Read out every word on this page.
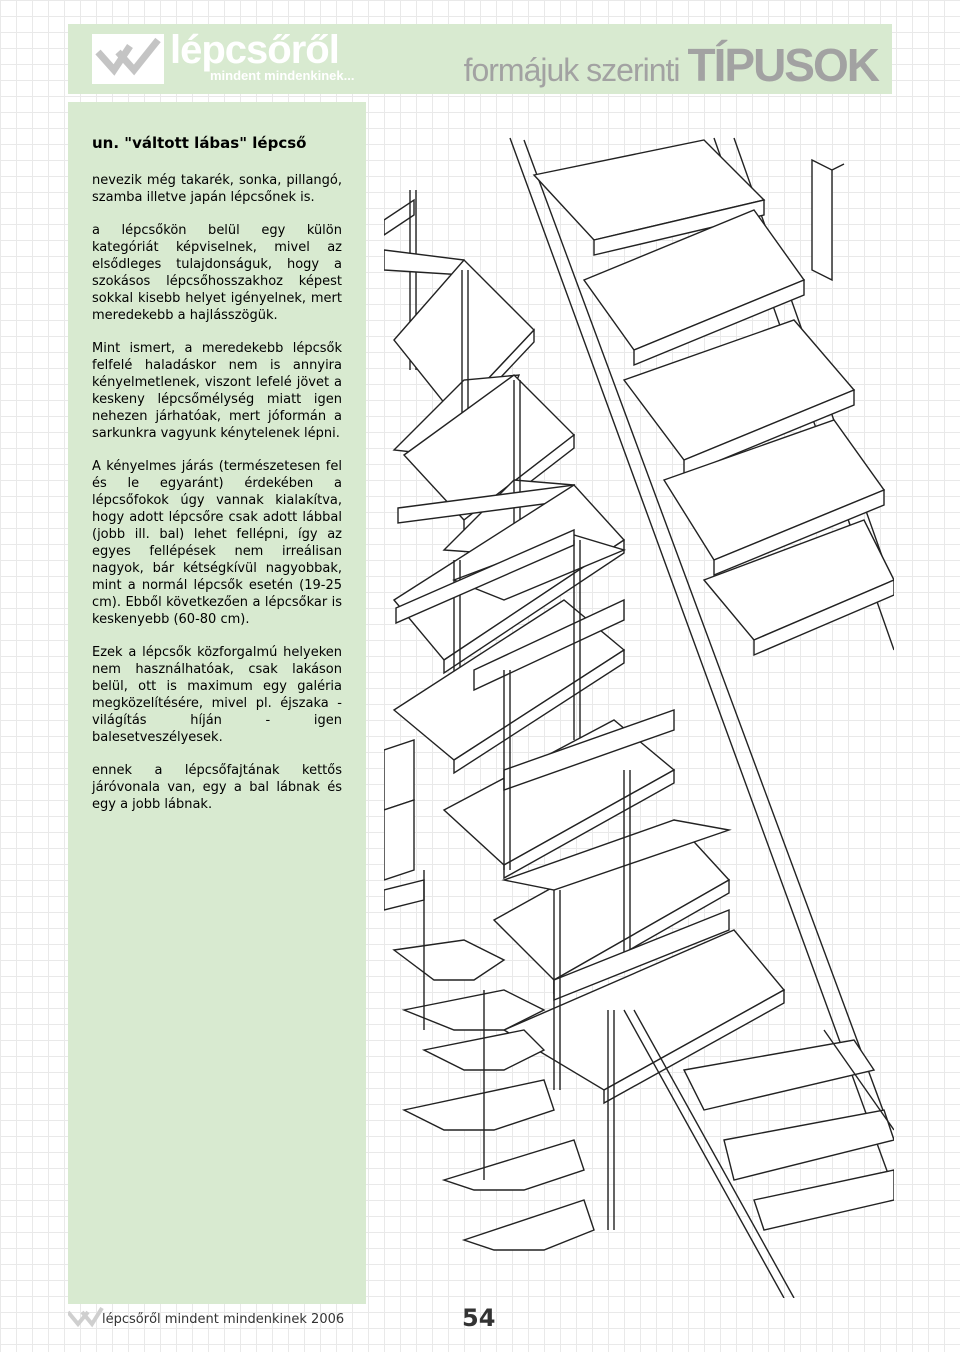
lépcsőről
mindent mindenkinek...	formájuk szerinti TÍPUSOK
un. "váltott lábas" lépcső

nevezik még takarék, sonka, pillangó, szamba illetve japán lépcsőnek is.

a lépcsőkön belül egy külön kategóriát képviselnek, mivel az elsődleges tulajdonságuk, hogy a szokásos lépcsőhosszakhoz képest sokkal kisebb helyet igényelnek, mert meredekebb a hajlásszögük.

Mint ismert, a meredekebb lépcsők felfelé haladáskor nem is annyira kényelmetlenek, viszont lefelé jövet a keskeny lépcsőmélység miatt igen nehezen járhatóak, mert jóformán a sarkunkra vagyunk kénytelenek lépni.

A kényelmes járás (természetesen fel és le egyaránt) érdekében a lépcsőfokok úgy vannak kialakítva, hogy adott lépcsőre csak adott lábbal (jobb ill. bal) lehet fellépni, így az egyes fellépések nem irreálisan nagyok, bár kétségkívül nagyobbak, mint a normál lépcsők esetén (19-25 cm). Ebből következően a lépcsőkar is keskenyebb (60-80 cm).

Ezek a lépcsők közforgalmú helyeken nem használhatóak, csak lakáson belül, ott is maximum egy galéria megközelítésére, mivel pl. éjszaka - világítás híján - igen balesetveszélyesek.

ennek a lépcsőfajtának kettős járóvonala van, egy a bal lábnak és egy a jobb lábnak.

lépcsőről mindent mindenkinek 2006	54
